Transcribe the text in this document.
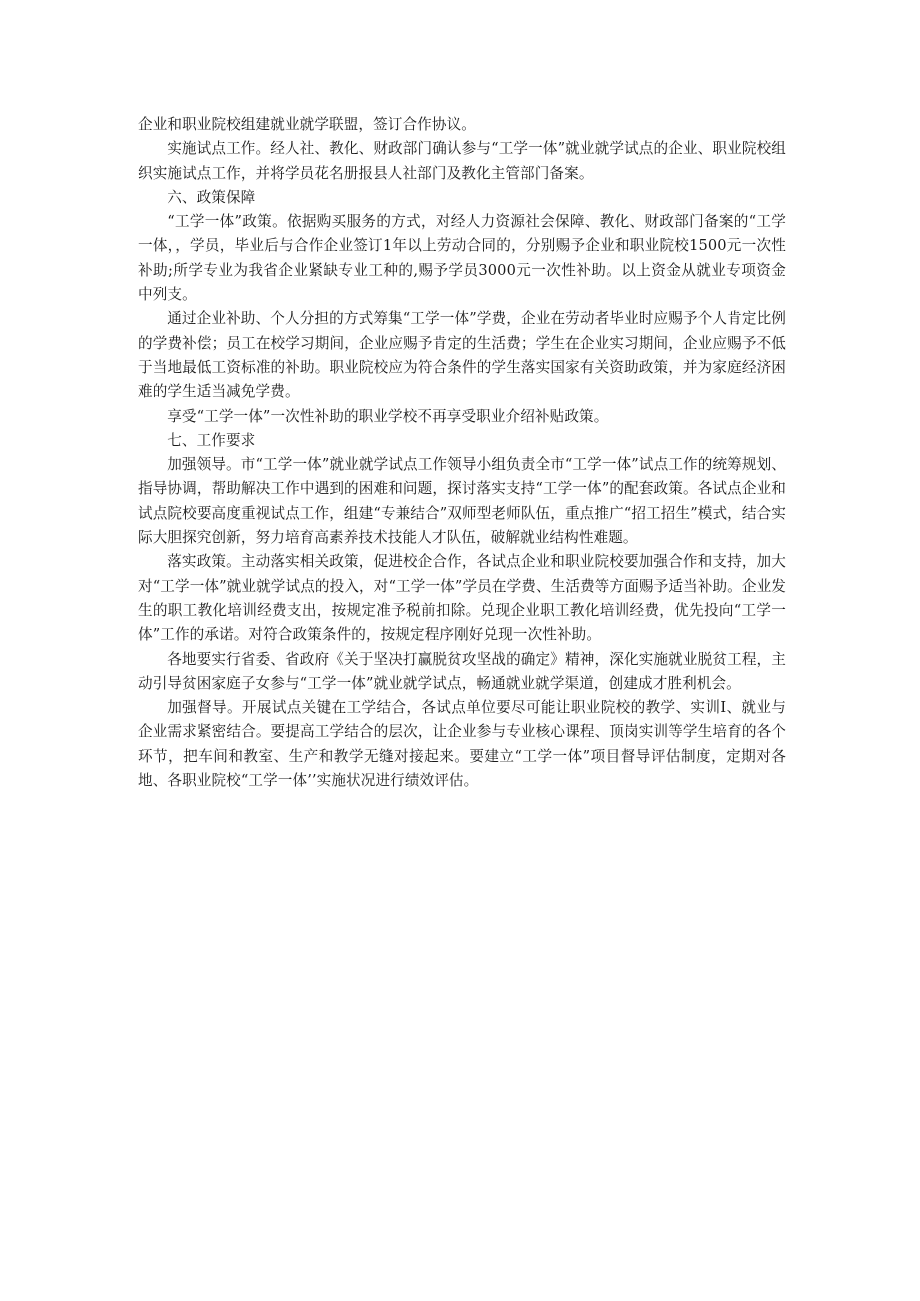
企业和职业院校组建就业就学联盟，签订合作协议。

实施试点工作。经人社、教化、财政部门确认参与“工学一体”就业就学试点的企业、职业院校组织实施试点工作，并将学员花名册报县人社部门及教化主管部门备案。

六、政策保障

“工学一体”政策。依据购买服务的方式，对经人力资源社会保障、教化、财政部门备案的“工学一体，，学员，毕业后与合作企业签订1年以上劳动合同的，分别赐予企业和职业院校1500元一次性补助;所学专业为我省企业紧缺专业工种的,赐予学员3000元一次性补助。以上资金从就业专项资金中列支。

通过企业补助、个人分担的方式筹集“工学一体”学费，企业在劳动者毕业时应赐予个人肯定比例的学费补偿；员工在校学习期间，企业应赐予肯定的生活费；学生在企业实习期间，企业应赐予不低于当地最低工资标准的补助。职业院校应为符合条件的学生落实国家有关资助政策，并为家庭经济困难的学生适当减免学费。

享受“工学一体”一次性补助的职业学校不再享受职业介绍补贴政策。

七、工作要求

加强领导。市“工学一体”就业就学试点工作领导小组负责全市“工学一体”试点工作的统筹规划、指导协调，帮助解决工作中遇到的困难和问题，探讨落实支持“工学一体”的配套政策。各试点企业和试点院校要高度重视试点工作，组建“专兼结合”双师型老师队伍，重点推广“招工招生”模式，结合实际大胆探究创新，努力培育高素养技术技能人才队伍，破解就业结构性难题。

落实政策。主动落实相关政策，促进校企合作，各试点企业和职业院校要加强合作和支持，加大对“工学一体”就业就学试点的投入，对“工学一体”学员在学费、生活费等方面赐予适当补助。企业发生的职工教化培训经费支出，按规定准予税前扣除。兑现企业职工教化培训经费，优先投向“工学一体”工作的承诺。对符合政策条件的，按规定程序刚好兑现一次性补助。

各地要实行省委、省政府《关于坚决打赢脱贫攻坚战的确定》精神，深化实施就业脱贫工程，主动引导贫困家庭子女参与“工学一体”就业就学试点，畅通就业就学渠道，创建成才胜利机会。

加强督导。开展试点关键在工学结合，各试点单位要尽可能让职业院校的教学、实训Ⅰ、就业与企业需求紧密结合。要提高工学结合的层次，让企业参与专业核心课程、顶岗实训等学生培育的各个环节，把车间和教室、生产和教学无缝对接起来。要建立“工学一体”项目督导评估制度，定期对各地、各职业院校“工学一体’’实施状况进行绩效评估。
